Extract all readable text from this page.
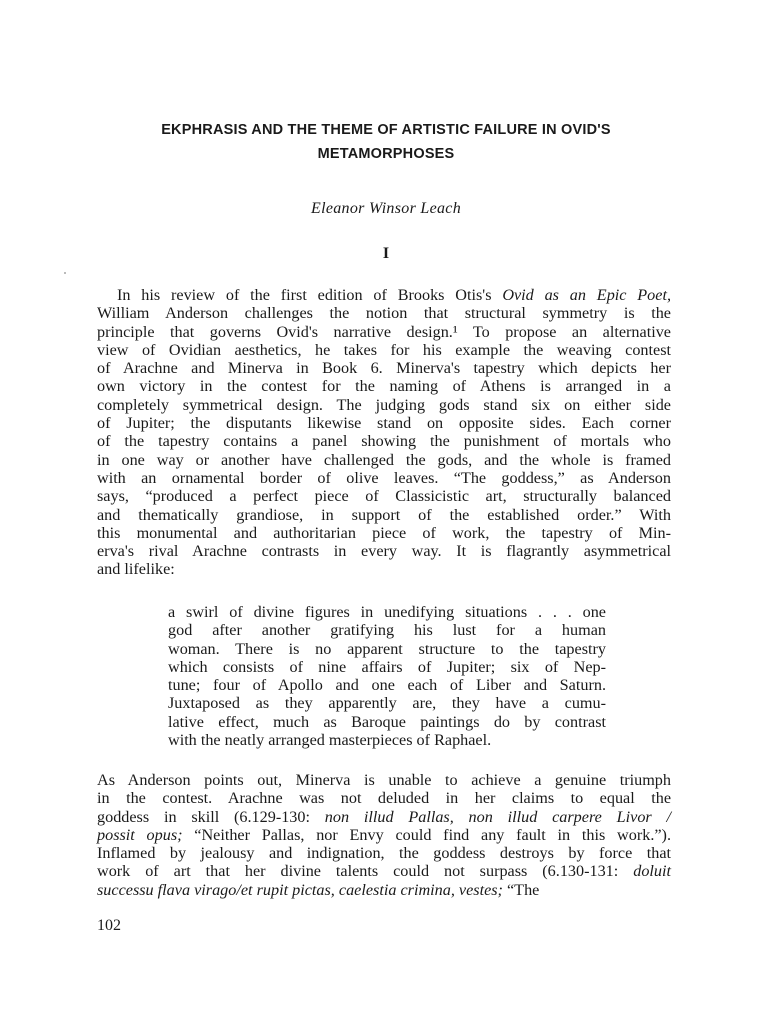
EKPHRASIS AND THE THEME OF ARTISTIC FAILURE IN OVID'S
METAMORPHOSES

Eleanor Winsor Leach

I

In his review of the first edition of Brooks Otis's Ovid as an Epic Poet,
William Anderson challenges the notion that structural symmetry is the
principle that governs Ovid's narrative design.¹ To propose an alternative
view of Ovidian aesthetics, he takes for his example the weaving contest
of Arachne and Minerva in Book 6. Minerva's tapestry which depicts her
own victory in the contest for the naming of Athens is arranged in a
completely symmetrical design. The judging gods stand six on either side
of Jupiter; the disputants likewise stand on opposite sides. Each corner
of the tapestry contains a panel showing the punishment of mortals who
in one way or another have challenged the gods, and the whole is framed
with an ornamental border of olive leaves. “The goddess,” as Anderson
says, “produced a perfect piece of Classicistic art, structurally balanced
and thematically grandiose, in support of the established order.” With
this monumental and authoritarian piece of work, the tapestry of Min-
erva's rival Arachne contrasts in every way. It is flagrantly asymmetrical
and lifelike:
a swirl of divine figures in unedifying situations . . . one
god after another gratifying his lust for a human
woman. There is no apparent structure to the tapestry
which consists of nine affairs of Jupiter; six of Nep-
tune; four of Apollo and one each of Liber and Saturn.
Juxtaposed as they apparently are, they have a cumu-
lative effect, much as Baroque paintings do by contrast
with the neatly arranged masterpieces of Raphael.
As Anderson points out, Minerva is unable to achieve a genuine triumph
in the contest. Arachne was not deluded in her claims to equal the
goddess in skill (6.129-130: non illud Pallas, non illud carpere Livor /
possit opus; “Neither Pallas, nor Envy could find any fault in this work.”).
Inflamed by jealousy and indignation, the goddess destroys by force that
work of art that her divine talents could not surpass (6.130-131: doluit
successu flava virago/et rupit pictas, caelestia crimina, vestes; “The

102
